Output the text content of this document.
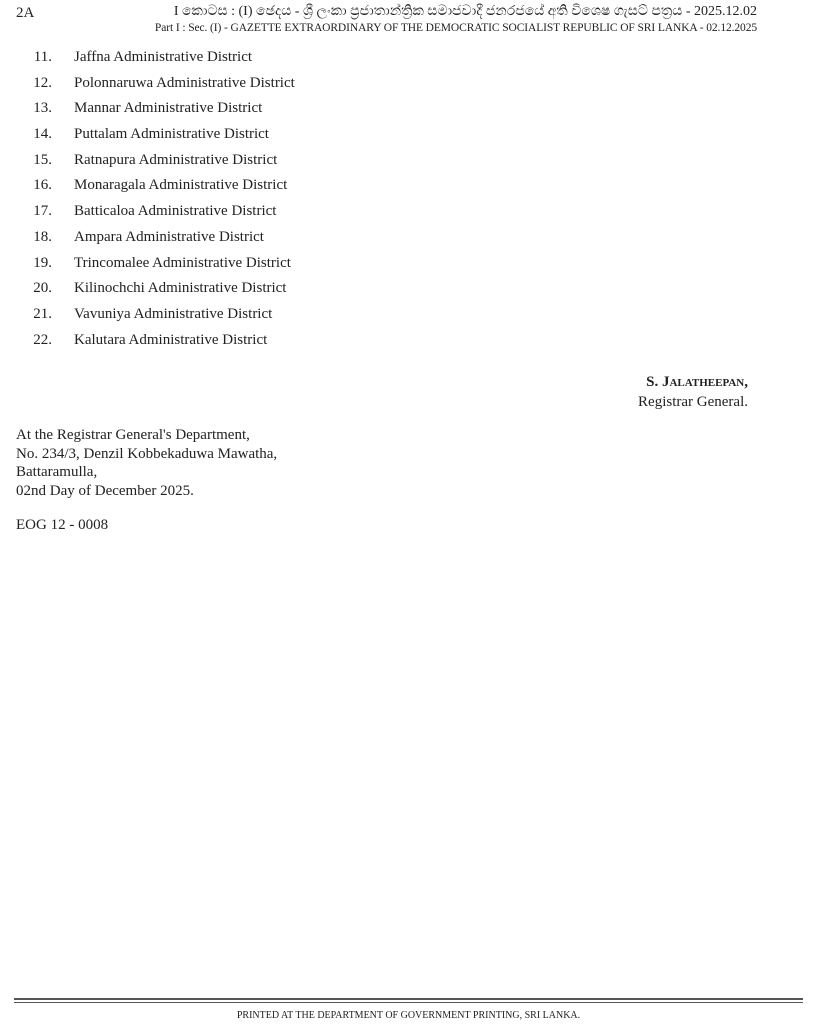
2A	I කොටස : (I) ඡෙදය - ශ්‍රී ලංකා ප්‍රජාතාන්ත්‍රික සමාජවාදී ජනරජයේ අති විශෙෂ ගැසට් පත්‍රය - 2025.12.02
Part I : Sec. (I) - GAZETTE EXTRAORDINARY OF THE DEMOCRATIC SOCIALIST REPUBLIC OF SRI LANKA - 02.12.2025
11. Jaffna Administrative District
12. Polonnaruwa Administrative District
13. Mannar Administrative District
14. Puttalam Administrative District
15. Ratnapura Administrative District
16. Monaragala Administrative District
17. Batticaloa Administrative District
18. Ampara Administrative District
19. Trincomalee Administrative District
20. Kilinochchi Administrative District
21. Vavuniya Administrative District
22. Kalutara Administrative District
S. Jalatheepan,
Registrar General.
At the Registrar General's Department,
No. 234/3, Denzil Kobbekaduwa Mawatha,
Battaramulla,
02nd Day of December 2025.
EOG 12 - 0008
PRINTED AT THE DEPARTMENT OF GOVERNMENT PRINTING, SRI LANKA.
